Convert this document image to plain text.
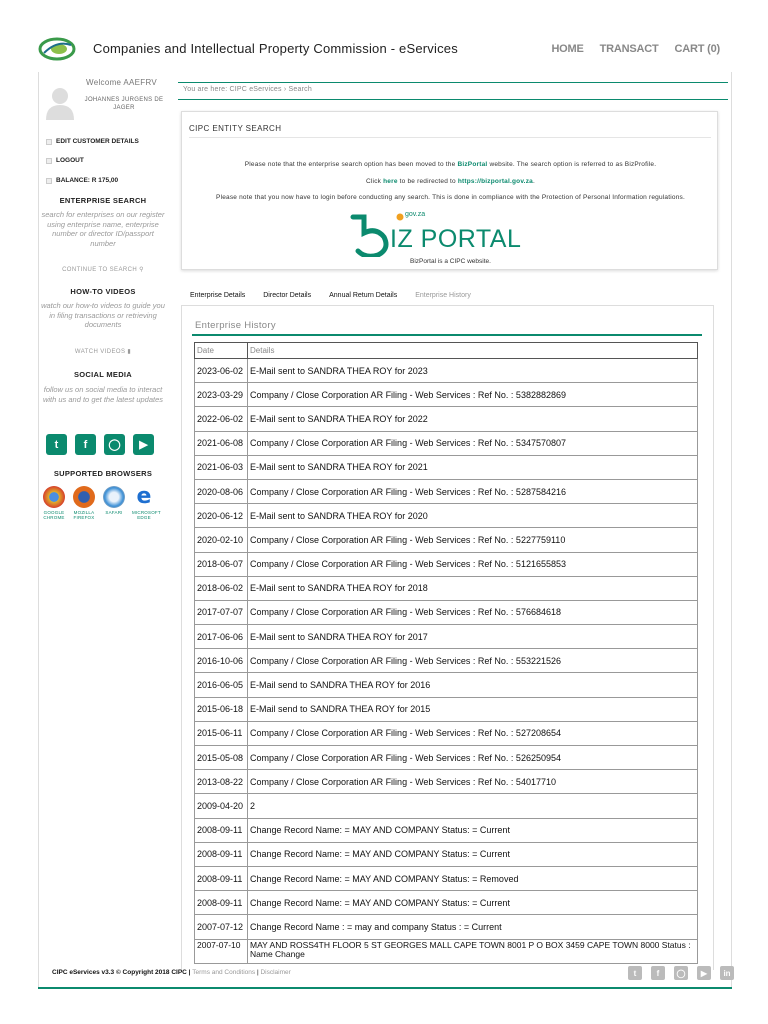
Companies and Intellectual Property Commission - eServices	HOME TRANSACT CART (0)
Welcome AAEFRV
JOHANNES JURGENS DE JAGER
EDIT CUSTOMER DETAILS
LOGOUT
BALANCE: R 175,00
ENTERPRISE SEARCH
search for enterprises on our register using enterprise name, enterprise number or director ID/passport number
CONTINUE TO SEARCH ⚲
HOW-TO VIDEOS
watch our how-to videos to guide you in filing transactions or retrieving documents
WATCH VIDEOS ▮
SOCIAL MEDIA
follow us on social media to interact with us and to get the latest updates
t	f	◯	▶
SUPPORTED BROWSERS
GOOGLE CHROME
MOZILLA FIREFOX
SAFARI
e
MICROSOFT EDGE
You are here: CIPC eServices › Search
CIPC ENTITY SEARCH
Please note that the enterprise search option has been moved to the BizPortal website. The search option is referred to as BizProfile.
Click here to be redirected to https://bizportal.gov.za.
Please note that you now have to login before conducting any search. This is done in compliance with the Protection of Personal Information regulations.
gov.za
IZ PORTAL
BizPortal is a CIPC website.
Enterprise Details	Director Details	Annual Return Details	Enterprise History
Enterprise History
Date	Details
2023-06-02	E-Mail sent to SANDRA THEA ROY for 2023
2023-03-29	Company / Close Corporation AR Filing - Web Services : Ref No. : 5382882869
2022-06-02	E-Mail sent to SANDRA THEA ROY for 2022
2021-06-08	Company / Close Corporation AR Filing - Web Services : Ref No. : 5347570807
2021-06-03	E-Mail sent to SANDRA THEA ROY for 2021
2020-08-06	Company / Close Corporation AR Filing - Web Services : Ref No. : 5287584216
2020-06-12	E-Mail sent to SANDRA THEA ROY for 2020
2020-02-10	Company / Close Corporation AR Filing - Web Services : Ref No. : 5227759110
2018-06-07	Company / Close Corporation AR Filing - Web Services : Ref No. : 5121655853
2018-06-02	E-Mail sent to SANDRA THEA ROY for 2018
2017-07-07	Company / Close Corporation AR Filing - Web Services : Ref No. : 576684618
2017-06-06	E-Mail sent to SANDRA THEA ROY for 2017
2016-10-06	Company / Close Corporation AR Filing - Web Services : Ref No. : 553221526
2016-06-05	E-Mail send to SANDRA THEA ROY for 2016
2015-06-18	E-Mail send to SANDRA THEA ROY for 2015
2015-06-11	Company / Close Corporation AR Filing - Web Services : Ref No. : 527208654
2015-05-08	Company / Close Corporation AR Filing - Web Services : Ref No. : 526250954
2013-08-22	Company / Close Corporation AR Filing - Web Services : Ref No. : 54017710
2009-04-20	2
2008-09-11	Change Record Name: = MAY AND COMPANY Status: = Current
2008-09-11	Change Record Name: = MAY AND COMPANY Status: = Current
2008-09-11	Change Record Name: = MAY AND COMPANY Status: = Removed
2008-09-11	Change Record Name: = MAY AND COMPANY Status: = Current
2007-07-12	Change Record Name : = may and company Status : = Current
2007-07-10	MAY AND ROSS4TH FLOOR 5 ST GEORGES MALL CAPE TOWN 8001 P O BOX 3459 CAPE TOWN 8000 Status : Name Change
CIPC eServices v3.3 © Copyright 2018 CIPC | Terms and Conditions | Disclaimer	t	f	◯	▶	in
